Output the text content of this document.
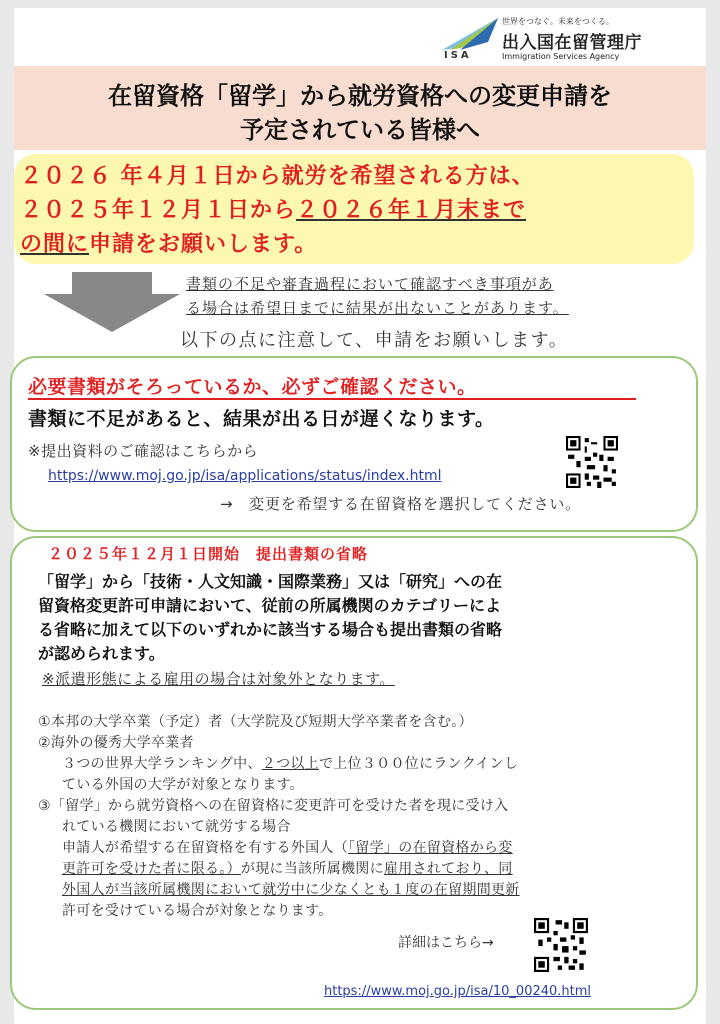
ISA
世界をつなぐ。未来をつくる。
出入国在留管理庁
Immigration Services Agency
在留資格「留学」から就労資格への変更申請を
予定されている皆様へ
２０２６ 年４月１日から就労を希望される方は、
２０２５年１２月１日から２０２６年１月末まで
の間に申請をお願いします。
書類の不足や審査過程において確認すべき事項があ
る場合は希望日までに結果が出ないことがあります。
以下の点に注意して、申請をお願いします。
必要書類がそろっているか、必ずご確認ください。
書類に不足があると、結果が出る日が遅くなります。
※提出資料のご確認はこちらから
https://www.moj.go.jp/isa/applications/status/index.html
→　変更を希望する在留資格を選択してください。
２０２５年１２月１日開始　提出書類の省略
「留学」から「技術・人文知識・国際業務」又は「研究」への在
留資格変更許可申請において、従前の所属機関のカテゴリーによ
る省略に加えて以下のいずれかに該当する場合も提出書類の省略
が認められます。
※派遣形態による雇用の場合は対象外となります。
①本邦の大学卒業（予定）者（大学院及び短期大学卒業者を含む。）
②海外の優秀大学卒業者
３つの世界大学ランキング中、２つ以上で上位３００位にランクインし
ている外国の大学が対象となります。
③「留学」から就労資格への在留資格に変更許可を受けた者を現に受け入
れている機関において就労する場合
申請人が希望する在留資格を有する外国人（「留学」の在留資格から変
更許可を受けた者に限る。）が現に当該所属機関に雇用されており、同
外国人が当該所属機関において就労中に少なくとも１度の在留期間更新
許可を受けている場合が対象となります。
詳細はこちら→
https://www.moj.go.jp/isa/10_00240.html
